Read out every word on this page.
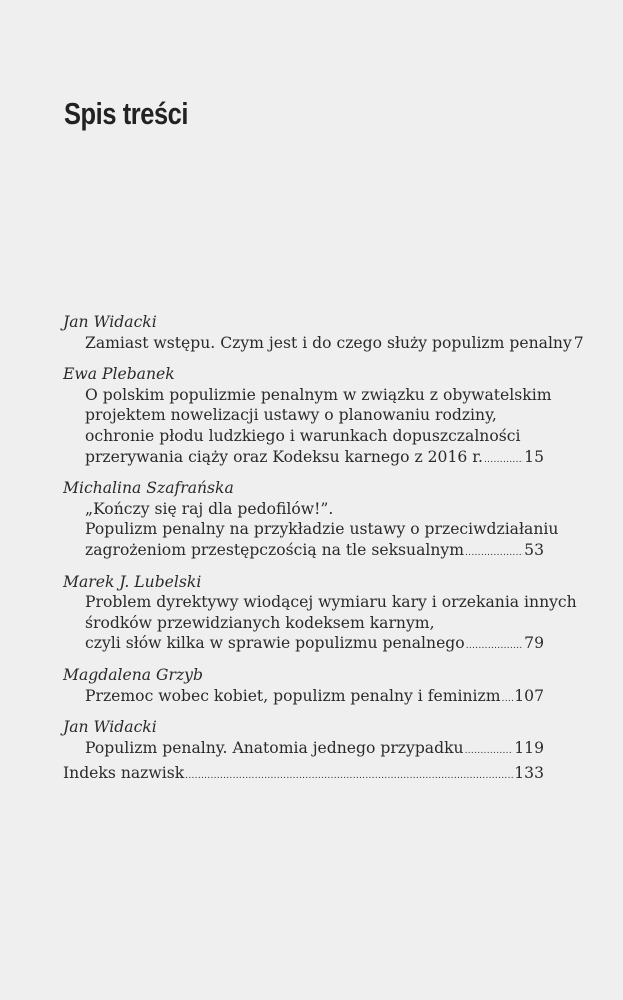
Spis treści
Jan Widacki
Zamiast wstępu. Czym jest i do czego służy populizm penalny 7
Ewa Plebanek
O polskim populizmie penalnym w związku z obywatelskim
projektem nowelizacji ustawy o planowaniu rodziny,
ochronie płodu ludzkiego i warunkach dopuszczalności
przerywania ciąży oraz Kodeksu karnego z 2016 r. .....	15
Michalina Szafrańska
„Kończy się raj dla pedofilów!”.
Populizm penalny na przykładzie ustawy o przeciwdziałaniu
zagrożeniom przestępczością na tle seksualnym .....	53
Marek J. Lubelski
Problem dyrektywy wiodącej wymiaru kary i orzekania innych
środków przewidzianych kodeksem karnym,
czyli słów kilka w sprawie populizmu penalnego .....	79
Magdalena Grzyb
Przemoc wobec kobiet, populizm penalny i feminizm ..... 107
Jan Widacki
Populizm penalny. Anatomia jednego przypadku .....	119
Indeks nazwisk .....	133
